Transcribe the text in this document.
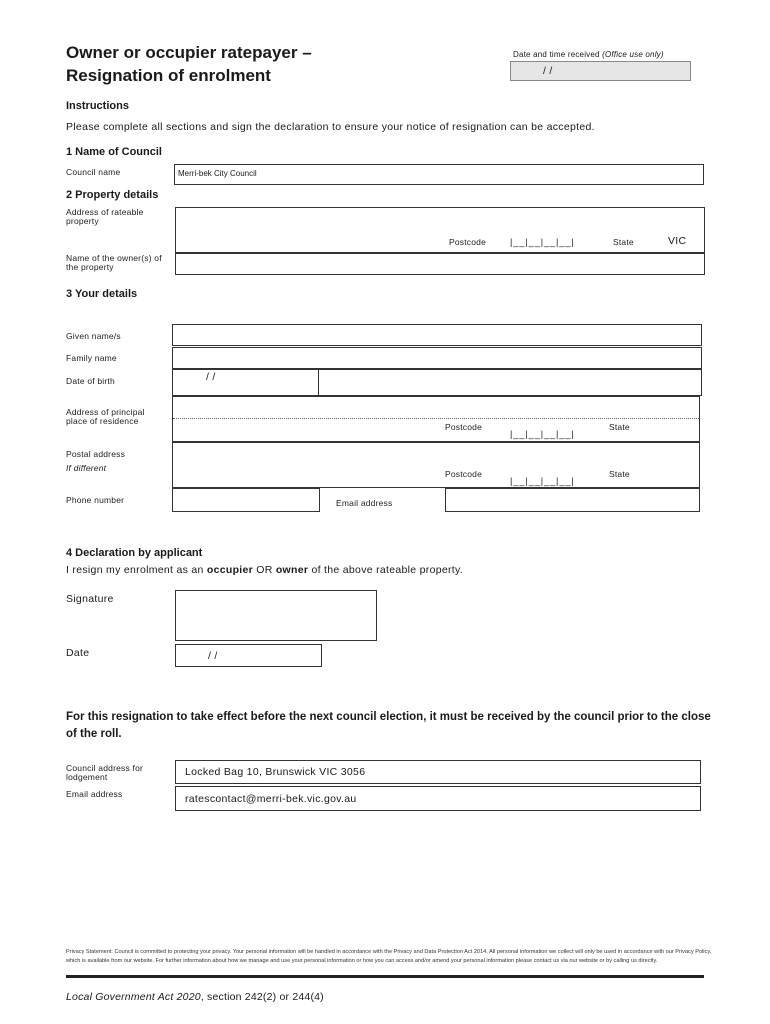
Owner or occupier ratepayer –
Resignation of enrolment
Date and time received (Office use only)
/ /
Instructions
Please complete all sections and sign the declaration to ensure your notice of resignation can be accepted.
1 Name of Council
Council name	Merri-bek City Council
2 Property details
Address of rateable property
Postcode	|__|__|__|__|	State	VIC
Name of the owner(s) of the property
3 Your details
Given name/s
Family name
Date of birth	/ /
Address of principal place of residence
Postcode
|__|__|__|__|
State
Postal address
If different
Postcode
|__|__|__|__|
State
Phone number	Email address
4 Declaration by applicant
I resign my enrolment as an occupier OR owner of the above rateable property.
Signature
Date	/ /
For this resignation to take effect before the next council election, it must be received by the council prior to the close of the roll.
Council address for lodgement	Locked Bag 10, Brunswick VIC 3056
Email address	ratescontact@merri-bek.vic.gov.au
Privacy Statement: Council is committed to protecting your privacy. Your personal information will be handled in accordance with the Privacy and Data Protection Act 2014. All personal information we collect will only be used in accordance with our Privacy Policy, which is available from our website. For further information about how we manage and use your personal information or how you can access and/or amend your personal information please contact us via our website or by calling us directly.
Local Government Act 2020, section 242(2) or 244(4)
